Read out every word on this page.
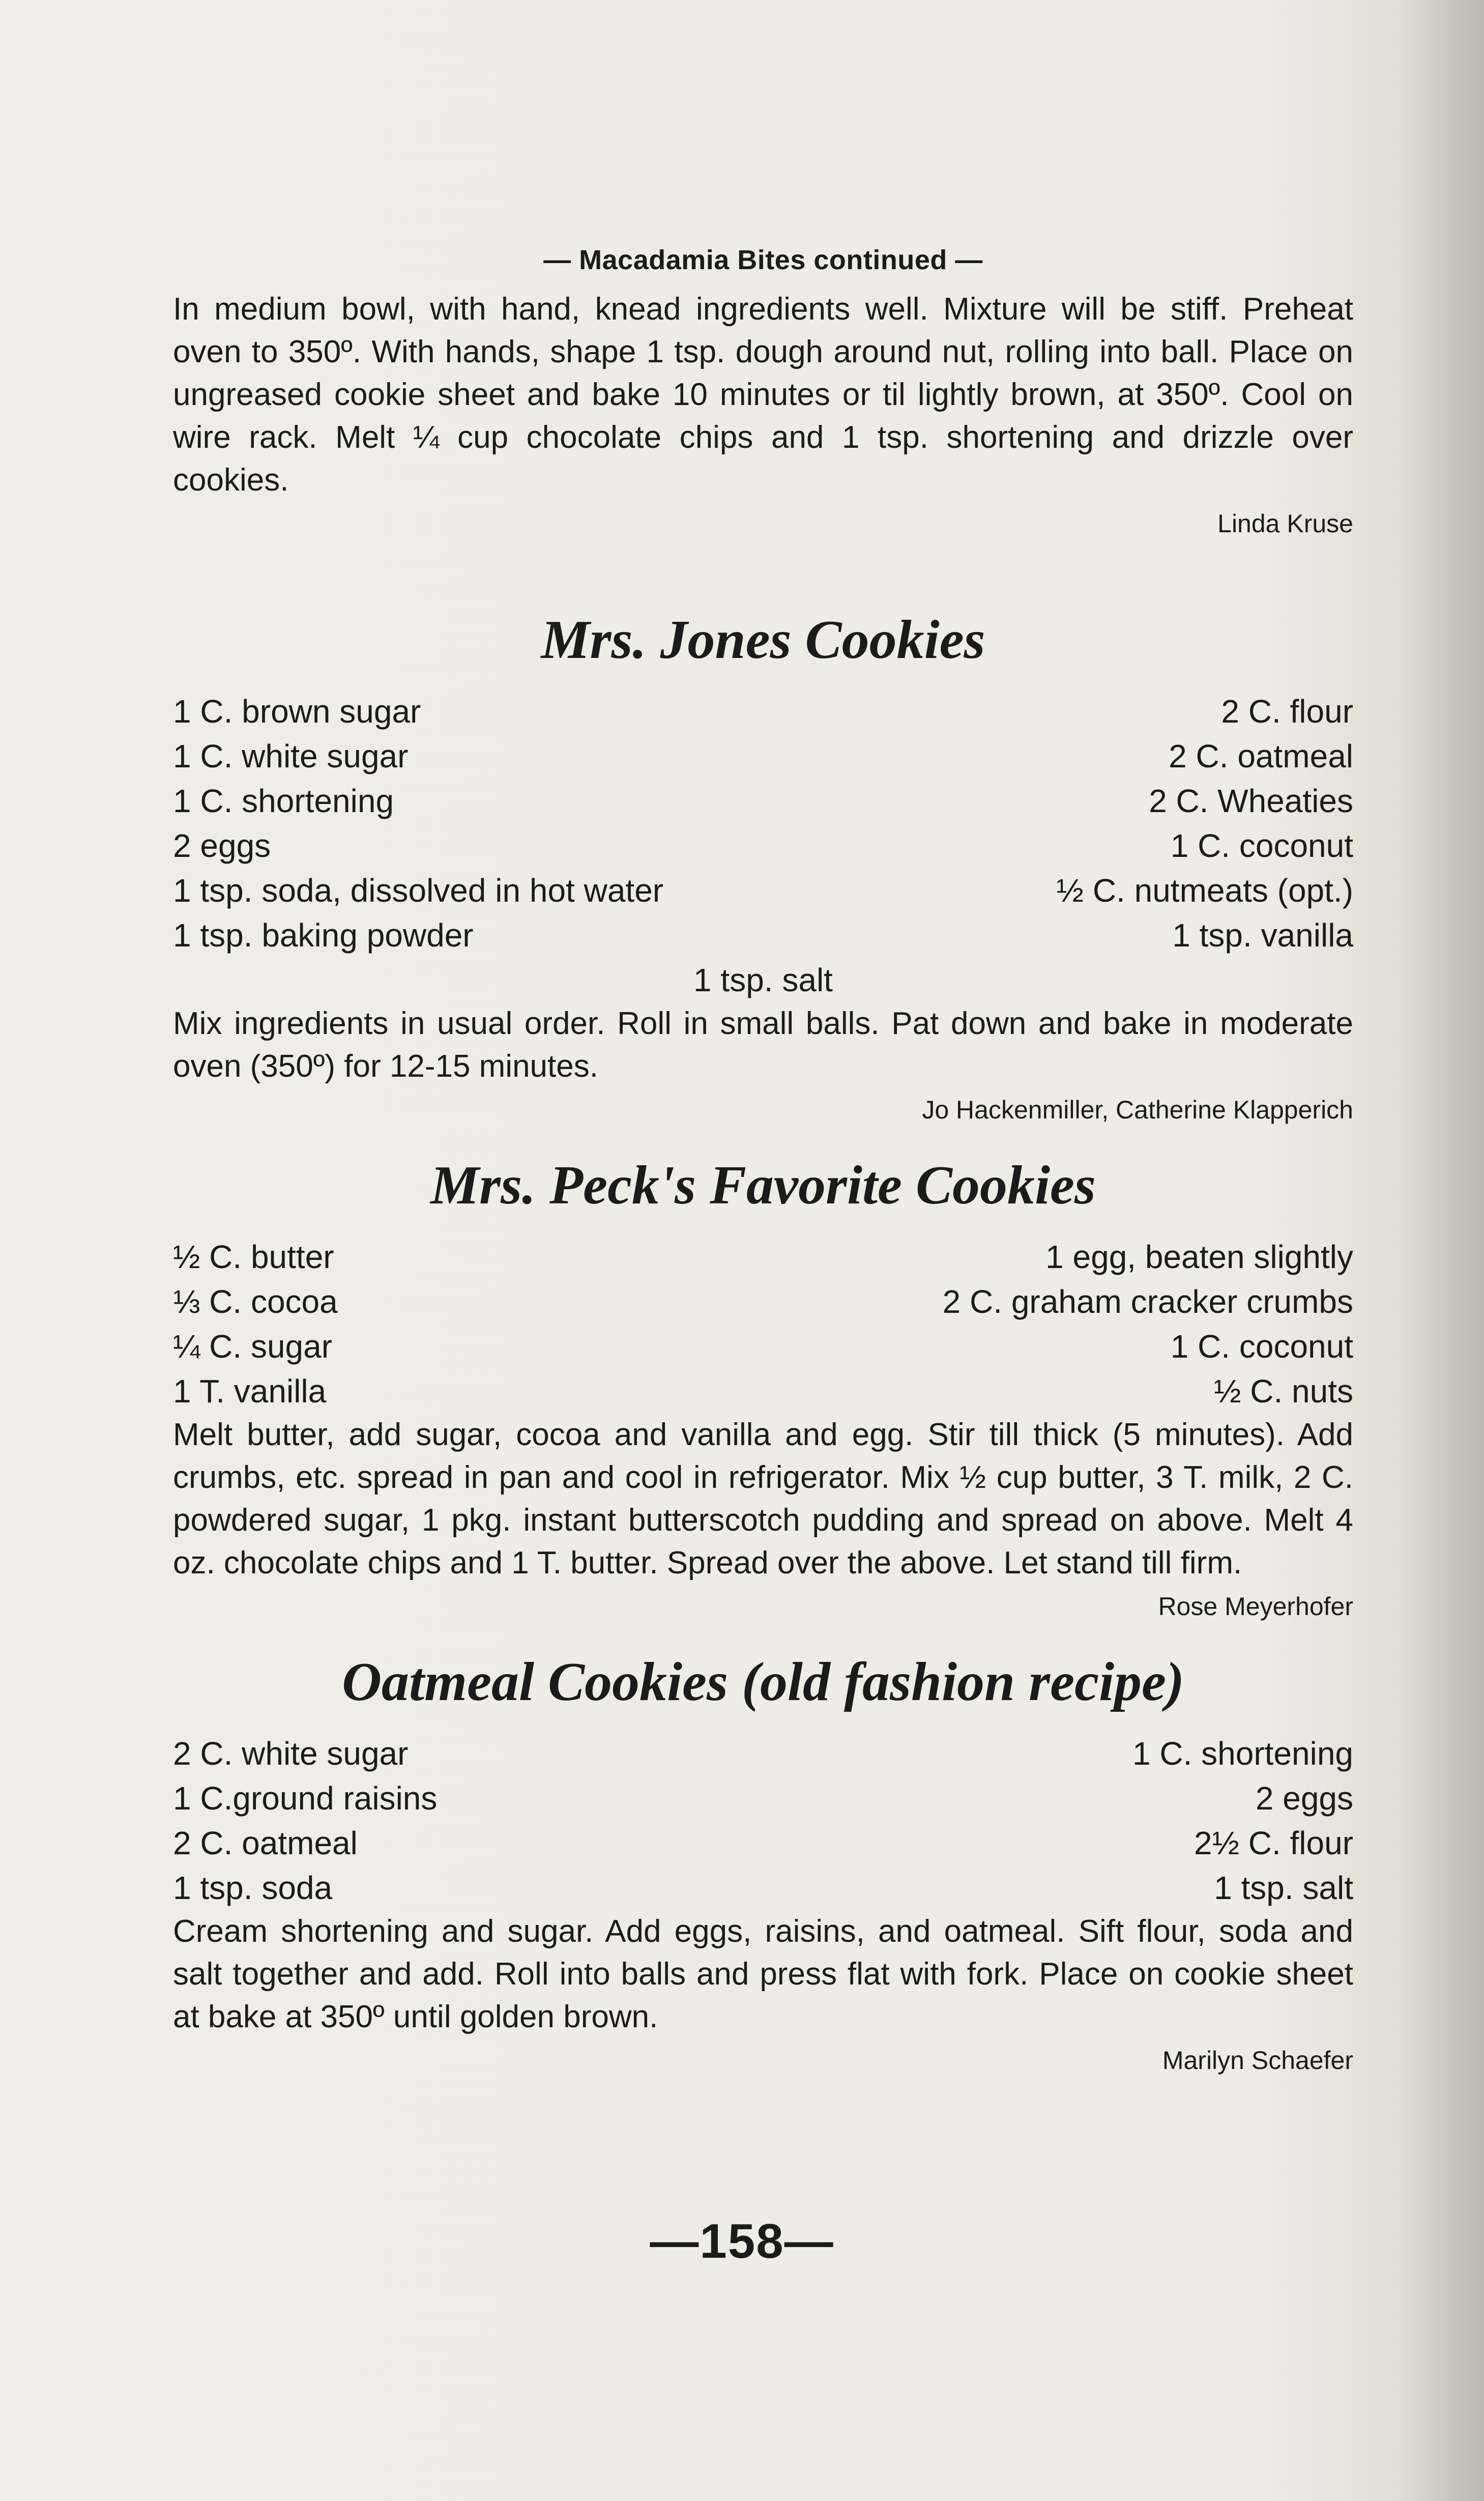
— Macadamia Bites continued —

In medium bowl, with hand, knead ingredients well. Mixture will be stiff. Preheat oven to 350º. With hands, shape 1 tsp. dough around nut, rolling into ball. Place on ungreased cookie sheet and bake 10 minutes or til lightly brown, at 350º. Cool on wire rack. Melt ¼ cup chocolate chips and 1 tsp. shortening and drizzle over cookies.

Linda Kruse

Mrs. Jones Cookies
1 C. brown sugar
1 C. white sugar
1 C. shortening
2 eggs
1 tsp. soda, dissolved in hot water
1 tsp. baking powder
2 C. flour
2 C. oatmeal
2 C. Wheaties
1 C. coconut
½ C. nutmeats (opt.)
1 tsp. vanilla
1 tsp. salt

Mix ingredients in usual order. Roll in small balls. Pat down and bake in moderate oven (350º) for 12-15 minutes.

Jo Hackenmiller, Catherine Klapperich

Mrs. Peck's Favorite Cookies
½ C. butter
⅓ C. cocoa
¼ C. sugar
1 T. vanilla
1 egg, beaten slightly
2 C. graham cracker crumbs
1 C. coconut
½ C. nuts

Melt butter, add sugar, cocoa and vanilla and egg. Stir till thick (5 minutes). Add crumbs, etc. spread in pan and cool in refrigerator. Mix ½ cup butter, 3 T. milk, 2 C. powdered sugar, 1 pkg. instant butterscotch pudding and spread on above. Melt 4 oz. chocolate chips and 1 T. butter. Spread over the above. Let stand till firm.

Rose Meyerhofer

Oatmeal Cookies (old fashion recipe)
2 C. white sugar
1 C.ground raisins
2 C. oatmeal
1 tsp. soda
1 C. shortening
2 eggs
2½ C. flour
1 tsp. salt

Cream shortening and sugar. Add eggs, raisins, and oatmeal. Sift flour, soda and salt together and add. Roll into balls and press flat with fork. Place on cookie sheet at bake at 350º until golden brown.

Marilyn Schaefer

—158—
